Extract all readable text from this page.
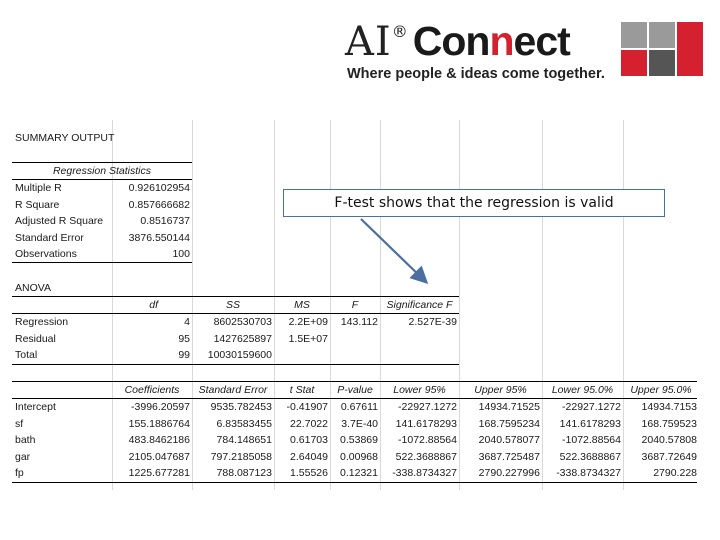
AI® Connect
Where people & ideas come together.
SUMMARY OUTPUT
Regression Statistics
Multiple R	0.926102954
R Square	0.857666682
Adjusted R Square	0.8516737
Standard Error	3876.550144
Observations	100
ANOVA
df	SS	MS	F	Significance F
Regression	4	8602530703	2.2E+09	143.112	2.527E-39
Residual	95	1427625897	1.5E+07
Total	99	10030159600
Coefficients	Standard Error	t Stat	P-value	Lower 95%	Upper 95%	Lower 95.0%	Upper 95.0%
Intercept	-3996.20597	9535.782453	-0.41907	0.67611	-22927.1272	14934.71525	-22927.1272	14934.7153
sf	155.1886764	6.83583455	22.7022	3.7E-40	141.6178293	168.7595234	141.6178293	168.759523
bath	483.8462186	784.148651	0.61703	0.53869	-1072.88564	2040.578077	-1072.88564	2040.57808
gar	2105.047687	797.2185058	2.64049	0.00968	522.3688867	3687.725487	522.3688867	3687.72649
fp	1225.677281	788.087123	1.55526	0.12321	-338.8734327	2790.227996	-338.8734327	2790.228
F-test shows that the regression is valid
